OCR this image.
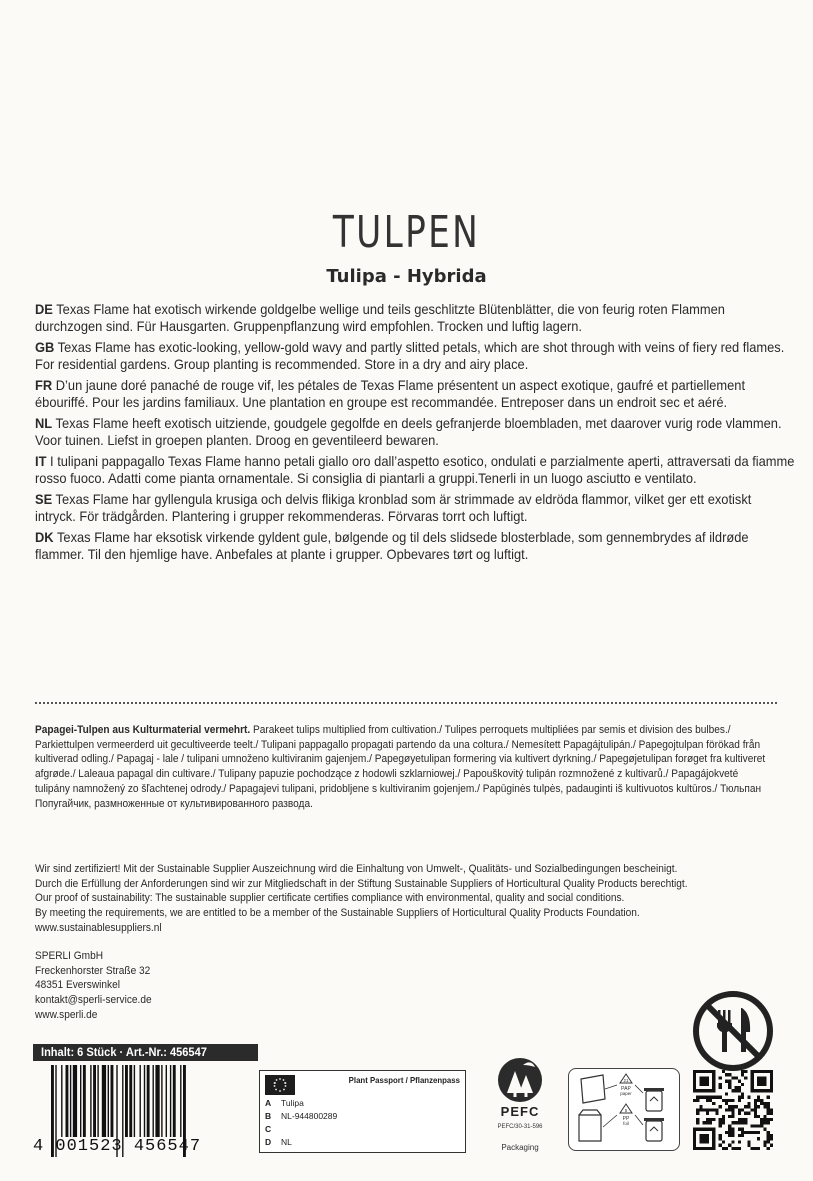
TULPEN
Tulipa - Hybrida
DE Texas Flame hat exotisch wirkende goldgelbe wellige und teils geschlitzte Blütenblätter, die von feurig roten Flammen durchzogen sind. Für Hausgarten. Gruppenpflanzung wird empfohlen. Trocken und luftig lagern.
GB Texas Flame has exotic-looking, yellow-gold wavy and partly slitted petals, which are shot through with veins of fiery red flames. For residential gardens. Group planting is recommended. Store in a dry and airy place.
FR D’un jaune doré panaché de rouge vif, les pétales de Texas Flame présentent un aspect exotique, gaufré et partiellement ébouriffé. Pour les jardins familiaux. Une plantation en groupe est recommandée. Entreposer dans un endroit sec et aéré.
NL Texas Flame heeft exotisch uitziende, goudgele gegolfde en deels gefranjerde bloembladen, met daarover vurig rode vlammen. Voor tuinen. Liefst in groepen planten. Droog en geventileerd bewaren.
IT I tulipani pappagallo Texas Flame hanno petali giallo oro dall’aspetto esotico, ondulati e parzialmente aperti, attraversati da fiamme rosso fuoco. Adatti come pianta ornamentale. Si consiglia di piantarli a gruppi.Tenerli in un luogo asciutto e ventilato.
SE Texas Flame har gyllengula krusiga och delvis flikiga kronblad som är strimmade av eldröda flammor, vilket ger ett exotiskt intryck. För trädgården. Plantering i grupper rekommenderas. Förvaras torrt och luftigt.
DK Texas Flame har eksotisk virkende gyldent gule, bølgende og til dels slidsede blosterblade, som gennembrydes af ildrøde flammer. Til den hjemlige have. Anbefales at plante i grupper. Opbevares tørt og luftigt.
Papagei-Tulpen aus Kulturmaterial vermehrt. Parakeet tulips multiplied from cultivation./ Tulipes perroquets multipliées par semis et division des bulbes./ Parkiettulpen vermeerderd uit gecultiveerde teelt./ Tulipani pappagallo propagati partendo da una coltura./ Nemesített Papagájtulipán./ Papegojtulpan förökad från kultiverad odling./ Papagaj - lale / tulipani umnoženo kultiviranim gajenjem./ Papegøyetulipan formering via kultivert dyrkning./ Papegøjetulipan forøget fra kultiveret afgrøde./ Laleaua papagal din cultivare./ Tulipany papuzie pochodzące z hodowli szklarniowej./ Papouškovitý tulipán rozmnožené z kultivarů./ Papagájokveté tulipány namnožený zo šľachtenej odrody./ Papagajevi tulipani, pridobljene s kultiviranim gojenjem./ Papūginės tulpės, padauginti iš kultivuotos kultūros./ Тюльпан Попугайчик, размноженные от культивированного развода.
Wir sind zertifiziert! Mit der Sustainable Supplier Auszeichnung wird die Einhaltung von Umwelt-, Qualitäts- und Sozialbedingungen bescheinigt.
Durch die Erfüllung der Anforderungen sind wir zur Mitgliedschaft in der Stiftung Sustainable Suppliers of Horticultural Quality Products berechtigt.
Our proof of sustainability: The sustainable supplier certificate certifies compliance with environmental, quality and social conditions.
By meeting the requirements, we are entitled to be a member of the Sustainable Suppliers of Horticultural Quality Products Foundation.
www.sustainablesuppliers.nl
SPERLI GmbH
Freckenhorster Straße 32
48351 Everswinkel
kontakt@sperli-service.de
www.sperli.de
Inhalt: 6 Stück · Art.-Nr.: 456547
4 001523 456547
Plant Passport / Pflanzenpass
A Tulipa
B NL-944800289
C
D NL
PEFC
PEFC/30-31-596
Packaging
21
PAP
paper
5
PP
foil
